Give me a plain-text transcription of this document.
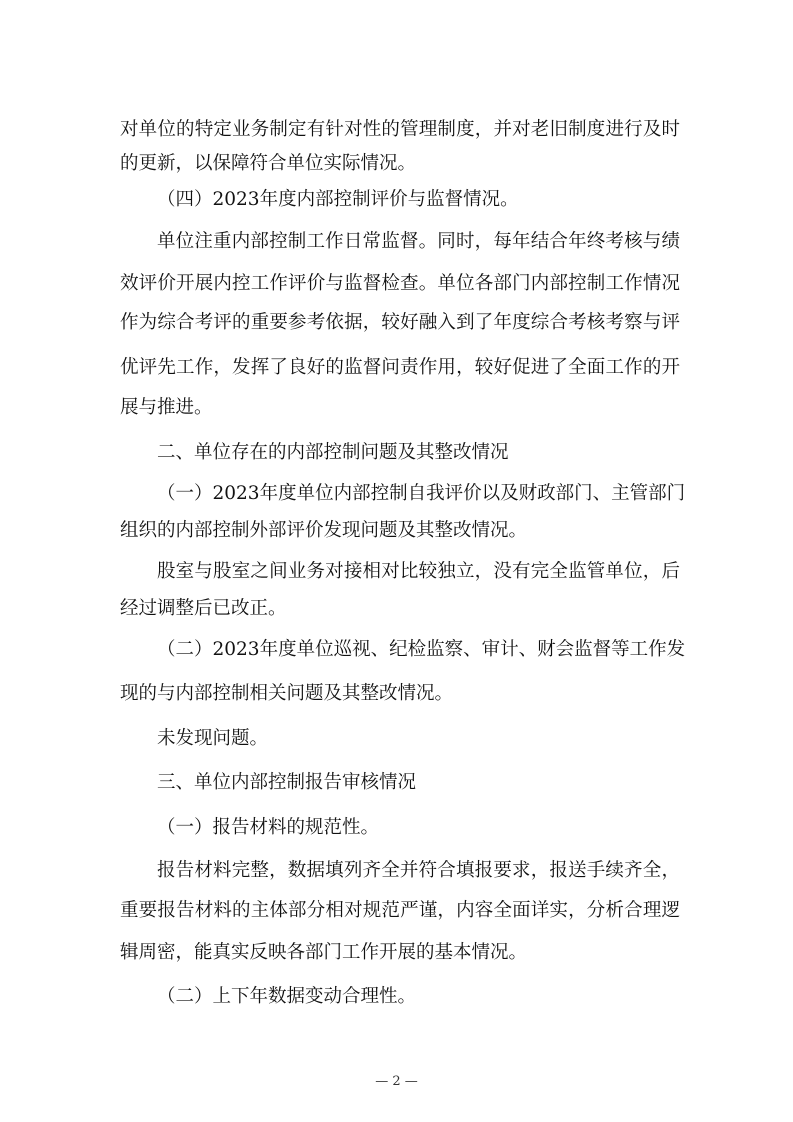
对单位的特定业务制定有针对性的管理制度，并对老旧制度进行及时
的更新，以保障符合单位实际情况。
（四）2023年度内部控制评价与监督情况。
单位注重内部控制工作日常监督。同时，每年结合年终考核与绩
效评价开展内控工作评价与监督检查。单位各部门内部控制工作情况
作为综合考评的重要参考依据，较好融入到了年度综合考核考察与评
优评先工作，发挥了良好的监督问责作用，较好促进了全面工作的开
展与推进。
二、单位存在的内部控制问题及其整改情况
（一）2023年度单位内部控制自我评价以及财政部门、主管部门
组织的内部控制外部评价发现问题及其整改情况。
股室与股室之间业务对接相对比较独立，没有完全监管单位，后
经过调整后已改正。
（二）2023年度单位巡视、纪检监察、审计、财会监督等工作发
现的与内部控制相关问题及其整改情况。
未发现问题。
三、单位内部控制报告审核情况
（一）报告材料的规范性。
报告材料完整，数据填列齐全并符合填报要求，报送手续齐全，
重要报告材料的主体部分相对规范严谨，内容全面详实，分析合理逻
辑周密，能真实反映各部门工作开展的基本情况。
（二）上下年数据变动合理性。
— 2 —
